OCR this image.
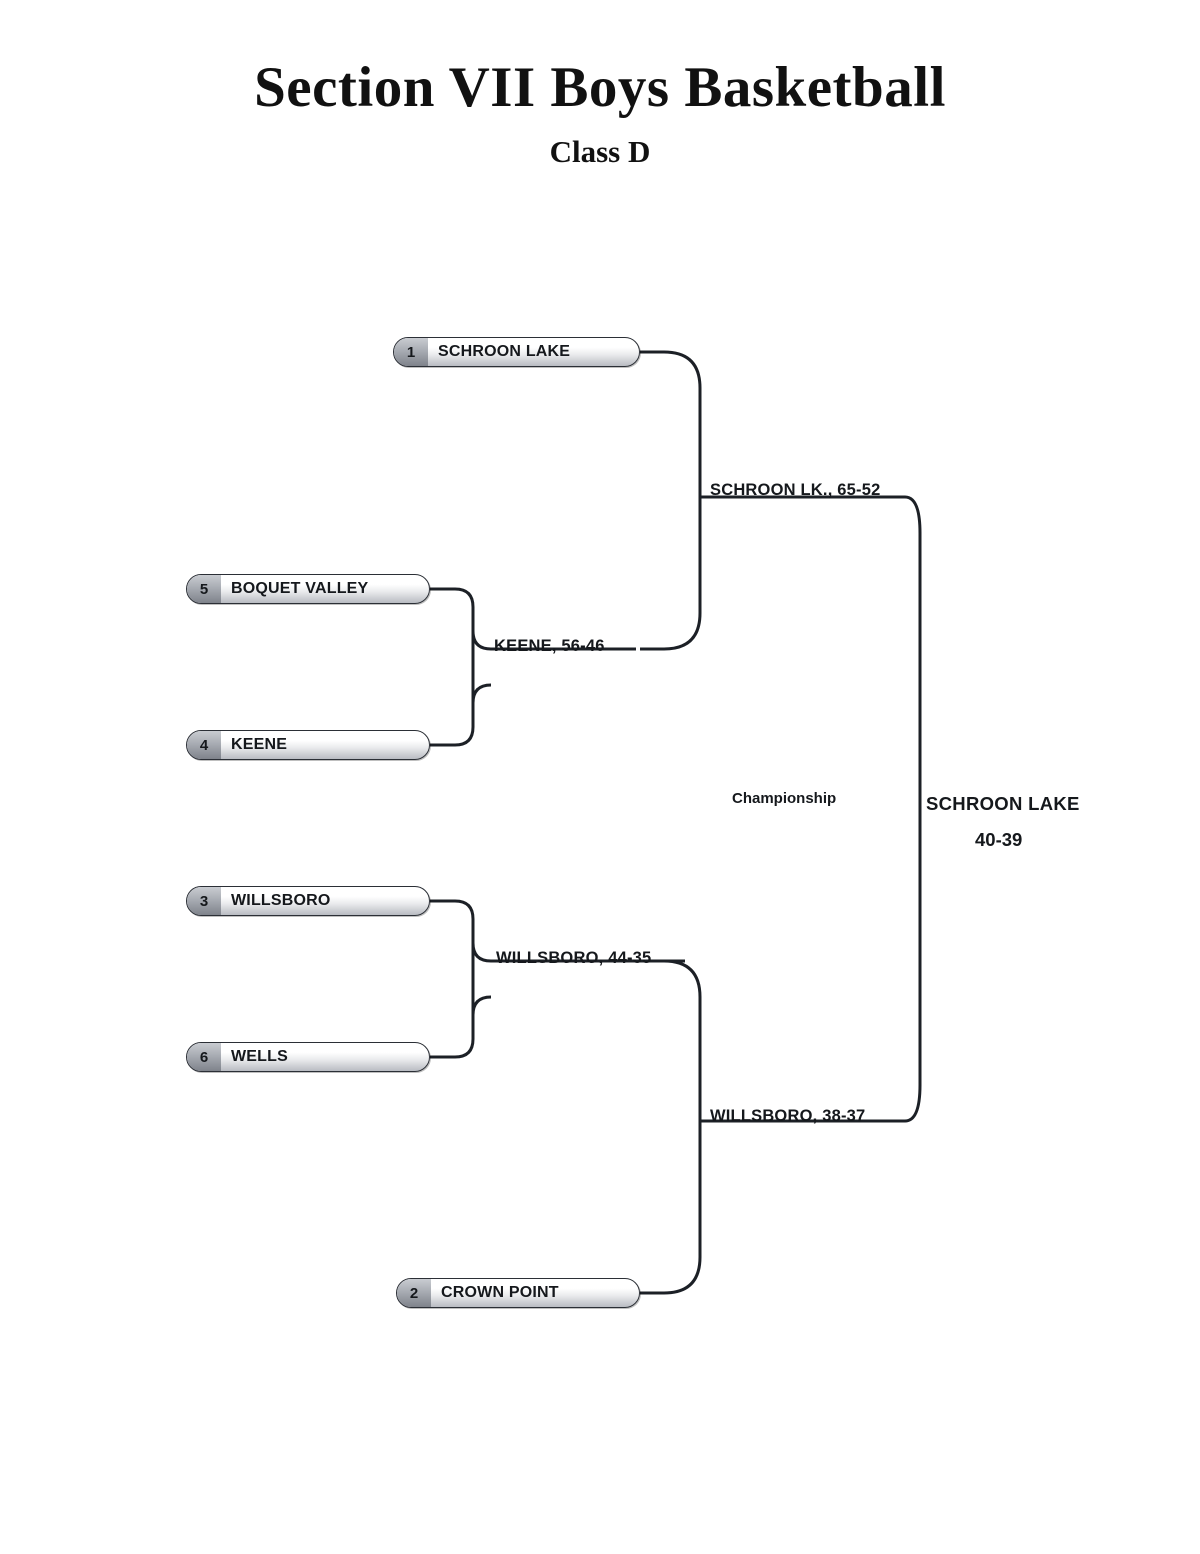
Section VII Boys Basketball
Class D
1	SCHROON LAKE
5	BOQUET VALLEY
4	KEENE
3	WILLSBORO
6	WELLS
2	CROWN POINT
KEENE, 56-46
WILLSBORO, 44-35
SCHROON LK., 65-52
WILLSBORO, 38-37
Championship	SCHROON LAKE
40-39
